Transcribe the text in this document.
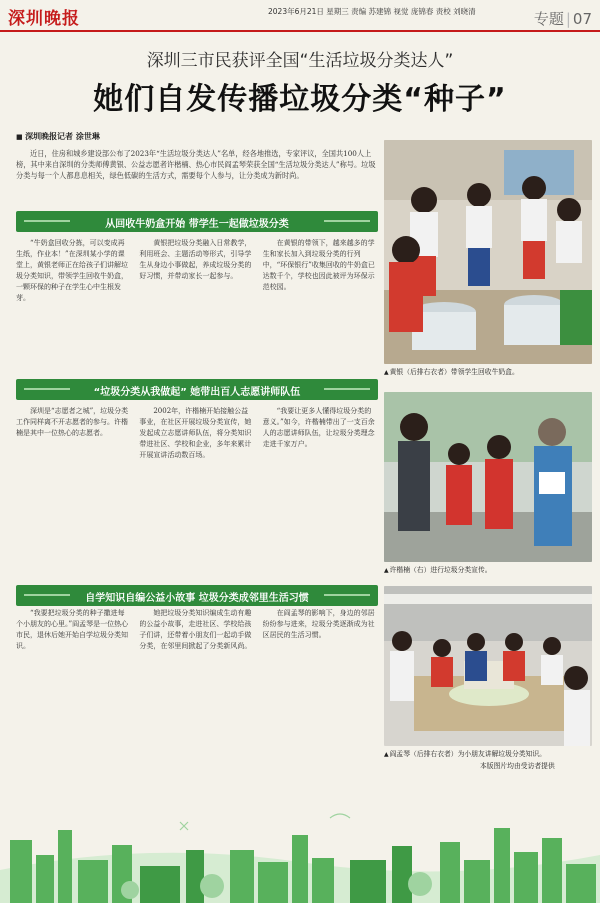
深圳晚报	2023年6月21日 星期三 责编 苏建锦 视觉 庞锦春 责校 刘晓清	专题 | 07
深圳三市民获评全国“生活垃圾分类达人”
她们自发传播垃圾分类“种子”
■ 深圳晚报记者 涂世琳
近日，住房和城乡建设部公布了2023年“生活垃圾分类达人”名单，经各地推选，专家评议，全国共100人上榜，其中来自深圳的分类师傅黄银、公益志愿者许楷楠、热心市民阎孟琴荣获全国“生活垃圾分类达人”称号。垃圾分类与每一个人都息息相关，绿色低碳的生活方式，需要每个人参与，让分类成为新时尚。
从回收牛奶盒开始 带学生一起做垃圾分类
“牛奶盒回收分拣，可以变成再生纸，作业本！”在深圳某小学的课堂上，黄银老师正在给孩子们讲解垃圾分类知识，带领学生回收牛奶盒，一颗环保的种子在学生心中生根发芽。
黄银把垃圾分类融入日常教学，利用班会、主题活动等形式，引导学生从身边小事做起，养成垃圾分类的好习惯，并带动家长一起参与。
在黄银的带领下，越来越多的学生和家长加入到垃圾分类的行列中，“环保银行”收集回收的牛奶盒已达数千个，学校也因此被评为环保示范校园。
“垃圾分类从我做起” 她带出百人志愿讲师队伍
深圳是“志愿者之城”，垃圾分类工作同样离不开志愿者的参与。许楷楠是其中一位热心的志愿者。
2002年，许楷楠开始接触公益事业，在社区开展垃圾分类宣传，她发起成立志愿讲师队伍，将分类知识带进社区、学校和企业，多年来累计开展宣讲活动数百场。
“我要让更多人懂得垃圾分类的意义。”如今，许楷楠带出了一支百余人的志愿讲师队伍，让垃圾分类理念走进千家万户。
自学知识自编公益小故事 垃圾分类成邻里生活习惯
“我要把垃圾分类的种子撒进每个小朋友的心里。”阎孟琴是一位热心市民，退休后她开始自学垃圾分类知识。
她把垃圾分类知识编成生动有趣的公益小故事，走进社区、学校给孩子们讲，还带着小朋友们一起动手做分类，在邻里间掀起了分类新风尚。
在阎孟琴的影响下，身边的邻居纷纷参与进来，垃圾分类逐渐成为社区居民的生活习惯。
▲ 黄银（后排右衣者）带领学生回收牛奶盒。
▲ 许楷楠（右）进行垃圾分类宣传。
▲ 阎孟琴（后排右衣者）为小朋友讲解垃圾分类知识。
本版图片均由受访者提供
